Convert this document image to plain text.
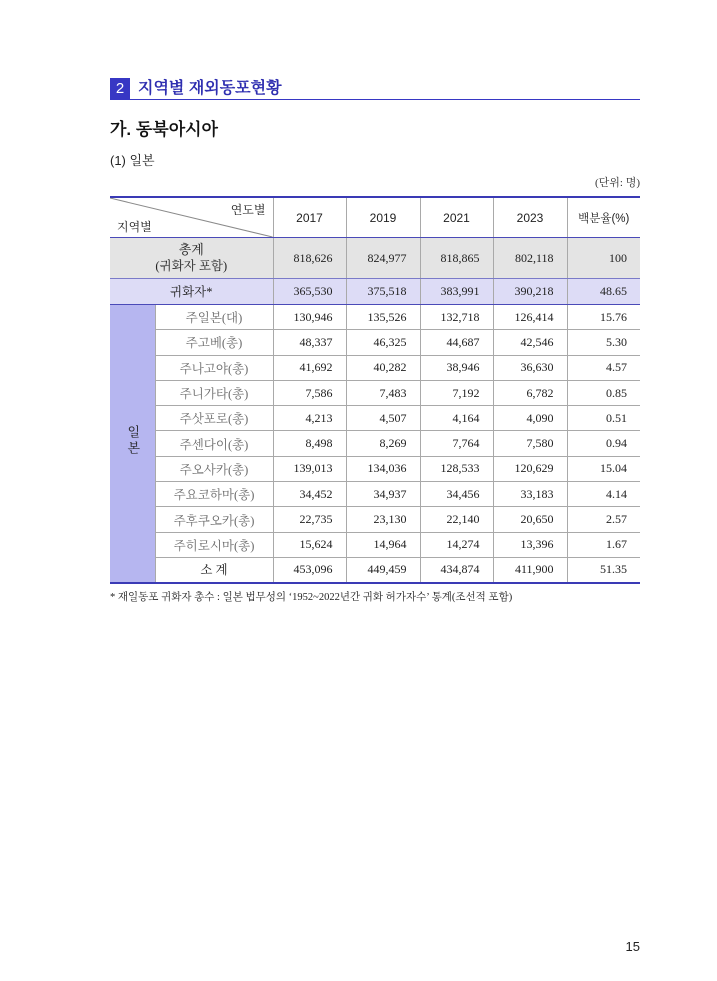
2 지역별 재외동포현황
가. 동북아시아
(1) 일본
(단위: 명)
연도별
지역별		2017	2019	2021	2023	백분율(%)

총계
(귀화자 포함)		818,626	824,977	818,865	802,118	100
귀화자*		365,530	375,518	383,991	390,218	48.65
일본	주일본(대)	130,946	135,526	132,718	126,414	15.76
	주고베(총)	48,337	46,325	44,687	42,546	5.30
	주나고야(총)	41,692	40,282	38,946	36,630	4.57
	주니가타(총)	7,586	7,483	7,192	6,782	0.85
	주삿포로(총)	4,213	4,507	4,164	4,090	0.51
	주센다이(총)	8,498	8,269	7,764	7,580	0.94
	주오사카(총)	139,013	134,036	128,533	120,629	15.04
	주요코하마(총)	34,452	34,937	34,456	33,183	4.14
	주후쿠오카(총)	22,735	23,130	22,140	20,650	2.57
	주히로시마(총)	15,624	14,964	14,274	13,396	1.67
	소 계	453,096	449,459	434,874	411,900	51.35
* 재일동포 귀화자 총수 : 일본 법무성의 ‘1952~2022년간 귀화 허가자수’ 통계(조선적 포함)
15
